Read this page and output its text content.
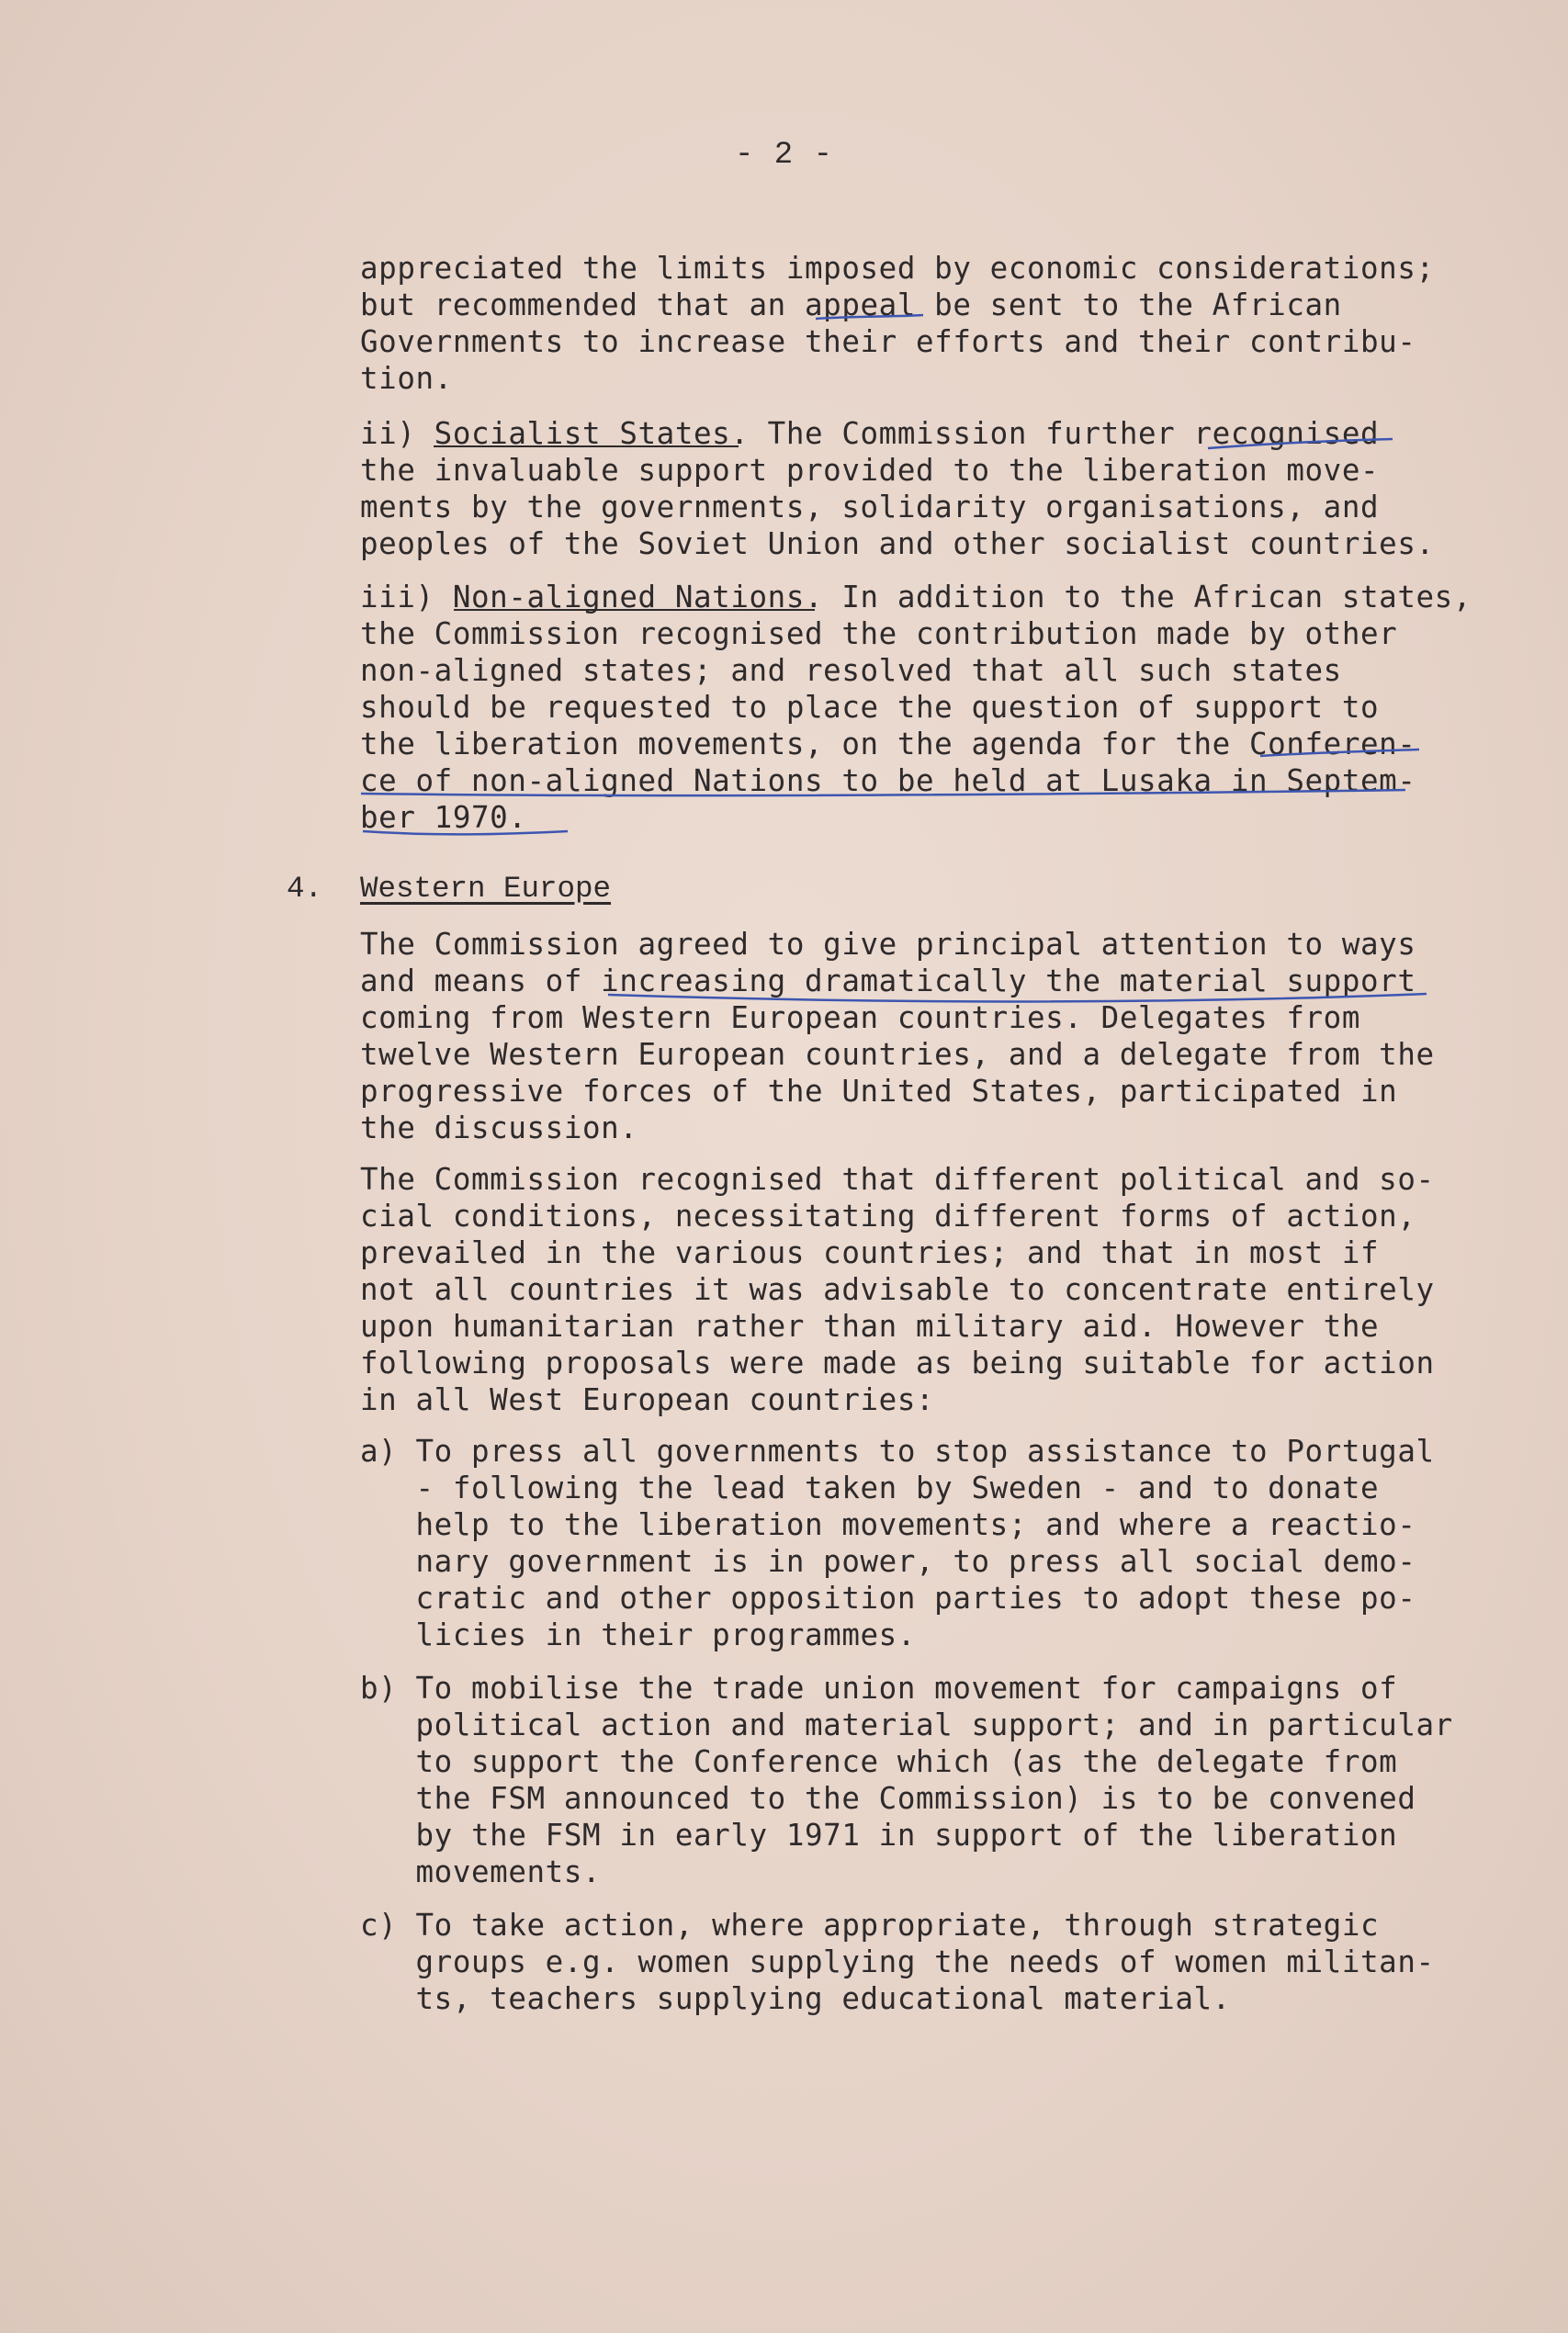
- 2 -
appreciated the limits imposed by economic considerations;
but recommended that an appeal be sent to the African
Governments to increase their efforts and their contribu-
tion.
ii) Socialist States. The Commission further recognised
the invaluable support provided to the liberation move-
ments by the governments, solidarity organisations, and
peoples of the Soviet Union and other socialist countries.
iii) Non-aligned Nations. In addition to the African states,
the Commission recognised the contribution made by other
non-aligned states; and resolved that all such states
should be requested to place the question of support to
the liberation movements, on the agenda for the Conferen-
ce of non-aligned Nations to be held at Lusaka in Septem-
ber 1970.
4. Western Europe
The Commission agreed to give principal attention to ways
and means of increasing dramatically the material support
coming from Western European countries. Delegates from
twelve Western European countries, and a delegate from the
progressive forces of the United States, participated in
the discussion.
The Commission recognised that different political and so-
cial conditions, necessitating different forms of action,
prevailed in the various countries; and that in most if
not all countries it was advisable to concentrate entirely
upon humanitarian rather than military aid. However the
following proposals were made as being suitable for action
in all West European countries:
a) To press all governments to stop assistance to Portugal
- following the lead taken by Sweden - and to donate
help to the liberation movements; and where a reactio-
nary government is in power, to press all social demo-
cratic and other opposition parties to adopt these po-
licies in their programmes.
b) To mobilise the trade union movement for campaigns of
political action and material support; and in particular
to support the Conference which (as the delegate from
the FSM announced to the Commission) is to be convened
by the FSM in early 1971 in support of the liberation
movements.
c) To take action, where appropriate, through strategic
groups e.g. women supplying the needs of women militan-
ts, teachers supplying educational material.
